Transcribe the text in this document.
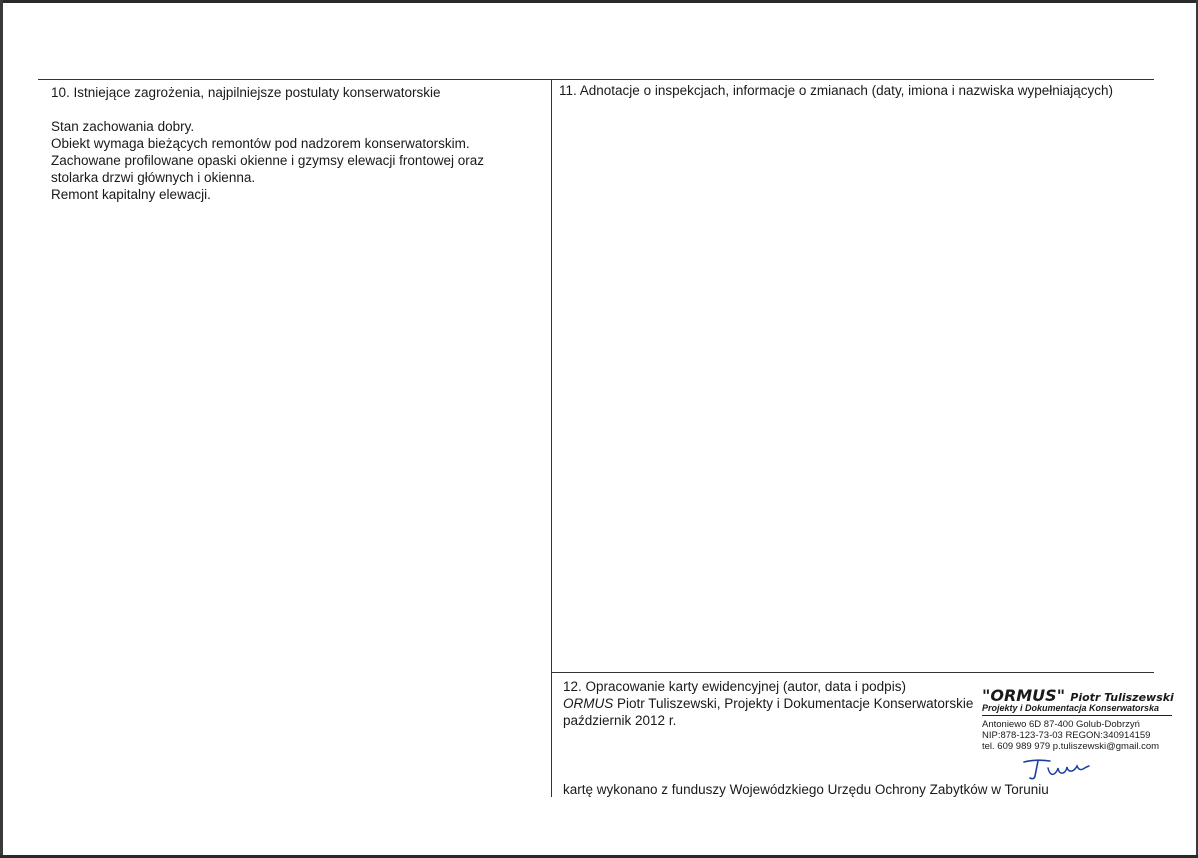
10. Istniejące zagrożenia, najpilniejsze postulaty konserwatorskie

Stan zachowania dobry.

Obiekt wymaga bieżących remontów pod nadzorem konserwatorskim.

Zachowane profilowane opaski okienne i gzymsy elewacji frontowej oraz

stolarka drzwi głównych i okienna.

Remont kapitalny elewacji.

11. Adnotacje o inspekcjach, informacje o zmianach (daty, imiona i nazwiska wypełniających)
12. Opracowanie karty ewidencyjnej (autor, data i podpis)
ORMUS Piotr Tuliszewski, Projekty i Dokumentacje Konserwatorskie
październik 2012 r.
kartę wykonano z funduszy Wojewódzkiego Urzędu Ochrony Zabytków w Toruniu
"ORMUS" Piotr Tuliszewski
Projekty i Dokumentacja Konserwatorska
Antoniewo 6D 87-400 Golub-Dobrzyń
NIP:878-123-73-03 REGON:340914159
tel. 609 989 979 p.tuliszewski@gmail.com
